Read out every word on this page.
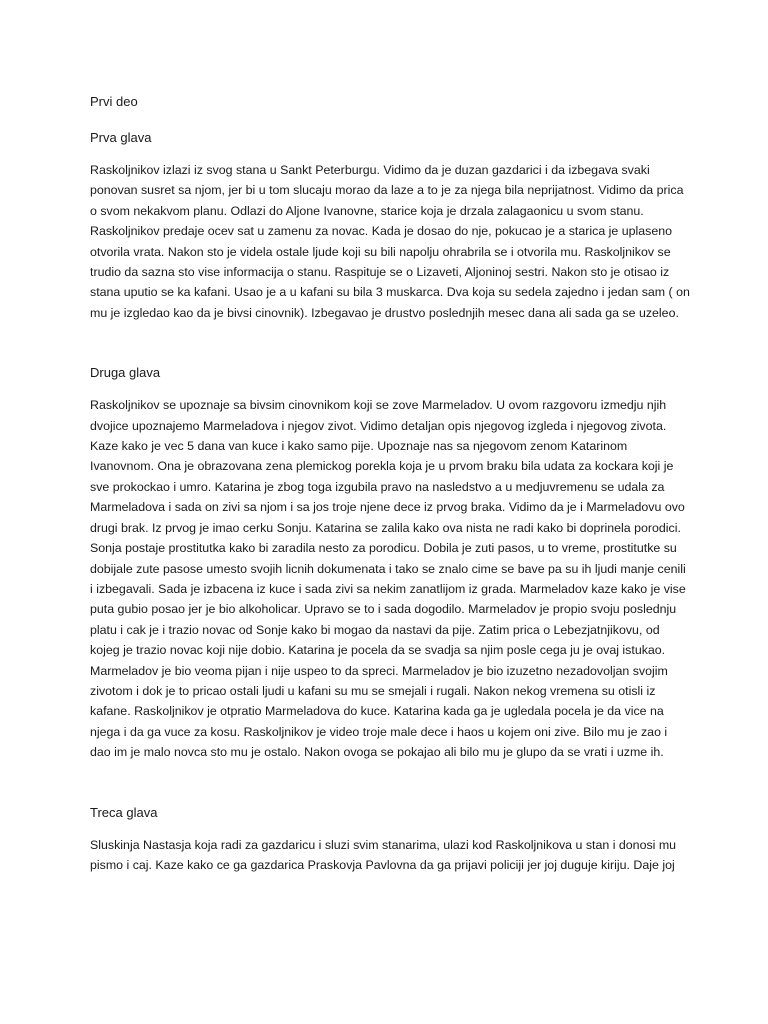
Prvi deo
Prva glava

Raskoljnikov izlazi iz svog stana u Sankt Peterburgu. Vidimo da je duzan gazdarici i da izbegava svaki ponovan susret sa njom, jer bi u tom slucaju morao da laze a to je za njega bila neprijatnost. Vidimo da prica o svom nekakvom planu. Odlazi do Aljone Ivanovne, starice koja je drzala zalagaonicu u svom stanu. Raskoljnikov predaje ocev sat u zamenu za novac. Kada je dosao do nje, pokucao je a starica je uplaseno otvorila vrata. Nakon sto je videla ostale ljude koji su bili napolju ohrabrila se i otvorila mu. Raskoljnikov se trudio da sazna sto vise informacija o stanu. Raspituje se o Lizaveti, Aljoninoj sestri. Nakon sto je otisao iz stana uputio se ka kafani. Usao je a u kafani su bila 3 muskarca. Dva koja su sedela zajedno i jedan sam ( on mu je izgledao kao da je bivsi cinovnik). Izbegavao je drustvo poslednjih mesec dana ali sada ga se uzeleo.

Druga glava

Raskoljnikov se upoznaje sa bivsim cinovnikom koji se zove Marmeladov. U ovom razgovoru izmedju njih dvojice upoznajemo Marmeladova i njegov zivot. Vidimo detaljan opis njegovog izgleda i njegovog zivota. Kaze kako je vec 5 dana van kuce i kako samo pije. Upoznaje nas sa njegovom zenom Katarinom Ivanovnom. Ona je obrazovana zena plemickog porekla koja je u prvom braku bila udata za kockara koji je sve prokockao i umro. Katarina je zbog toga izgubila pravo na nasledstvo a u medjuvremenu se udala za Marmeladova i sada on zivi sa njom i sa jos troje njene dece iz prvog braka. Vidimo da je i Marmeladovu ovo drugi brak. Iz prvog je imao cerku Sonju. Katarina se zalila kako ova nista ne radi kako bi doprinela porodici. Sonja postaje prostitutka kako bi zaradila nesto za porodicu. Dobila je zuti pasos, u to vreme, prostitutke su dobijale zute pasose umesto svojih licnih dokumenata i tako se znalo cime se bave pa su ih ljudi manje cenili i izbegavali. Sada je izbacena iz kuce i sada zivi sa nekim zanatlijom iz grada. Marmeladov kaze kako je vise puta gubio posao jer je bio alkoholicar. Upravo se to i sada dogodilo. Marmeladov je propio svoju poslednju platu i cak je i trazio novac od Sonje kako bi mogao da nastavi da pije. Zatim prica o Lebezjatnjikovu, od kojeg je trazio novac koji nije dobio. Katarina je pocela da se svadja sa njim posle cega ju je ovaj istukao. Marmeladov je bio veoma pijan i nije uspeo to da spreci. Marmeladov je bio izuzetno nezadovoljan svojim zivotom i dok je to pricao ostali ljudi u kafani su mu se smejali i rugali. Nakon nekog vremena su otisli iz kafane. Raskoljnikov je otpratio Marmeladova do kuce. Katarina kada ga je ugledala pocela je da vice na njega i da ga vuce za kosu. Raskoljnikov je video troje male dece i haos u kojem oni zive. Bilo mu je zao i dao im je malo novca sto mu je ostalo. Nakon ovoga se pokajao ali bilo mu je glupo da se vrati i uzme ih.

Treca glava

Sluskinja Nastasja koja radi za gazdaricu i sluzi svim stanarima, ulazi kod Raskoljnikova u stan i donosi mu pismo i caj. Kaze kako ce ga gazdarica Praskovja Pavlovna da ga prijavi policiji jer joj duguje kiriju. Daje joj
